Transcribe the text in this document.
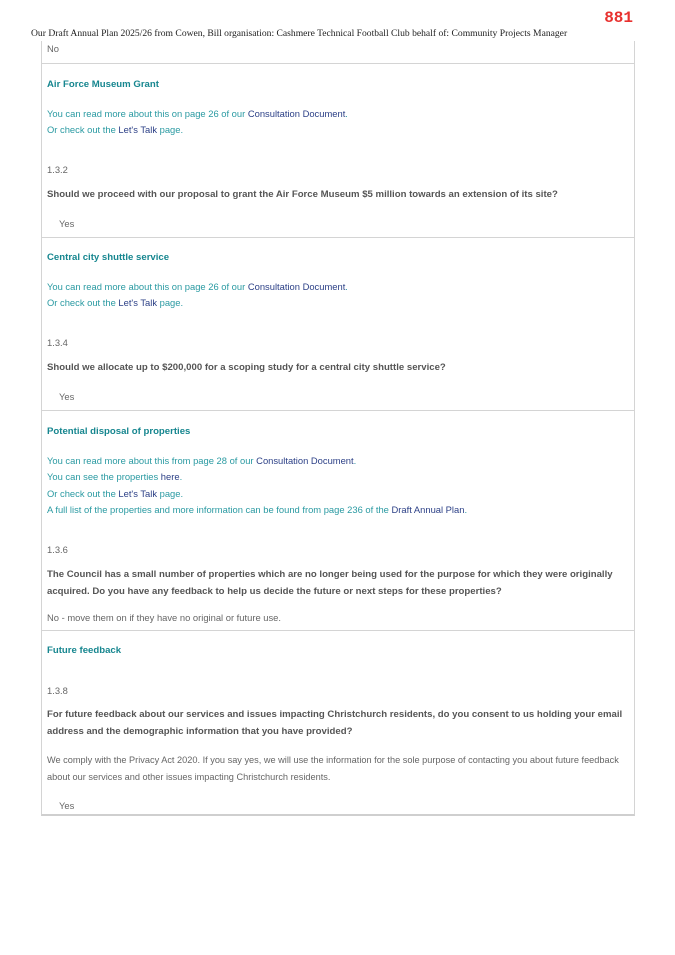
881
Our Draft Annual Plan 2025/26 from Cowen, Bill organisation: Cashmere Technical Football Club behalf of: Community Projects Manager
No
Air Force Museum Grant
You can read more about this on page 26 of our Consultation Document.
Or check out the Let's Talk page.
1.3.2
Should we proceed with our proposal to grant the Air Force Museum $5 million towards an extension of its site?
Yes
Central city shuttle service
You can read more about this on page 26 of our Consultation Document.
Or check out the Let's Talk page.
1.3.4
Should we allocate up to $200,000 for a scoping study for a central city shuttle service?
Yes
Potential disposal of properties
You can read more about this from page 28 of our Consultation Document.
You can see the properties here.
Or check out the Let's Talk page.
A full list of the properties and more information can be found from page 236 of the Draft Annual Plan.
1.3.6
The Council has a small number of properties which are no longer being used for the purpose for which they were originally acquired. Do you have any feedback to help us decide the future or next steps for these properties?
No - move them on if they have no original or future use.
Future feedback
1.3.8
For future feedback about our services and issues impacting Christchurch residents, do you consent to us holding your email address and the demographic information that you have provided?
We comply with the Privacy Act 2020. If you say yes, we will use the information for the sole purpose of contacting you about future feedback about our services and other issues impacting Christchurch residents.
Yes
